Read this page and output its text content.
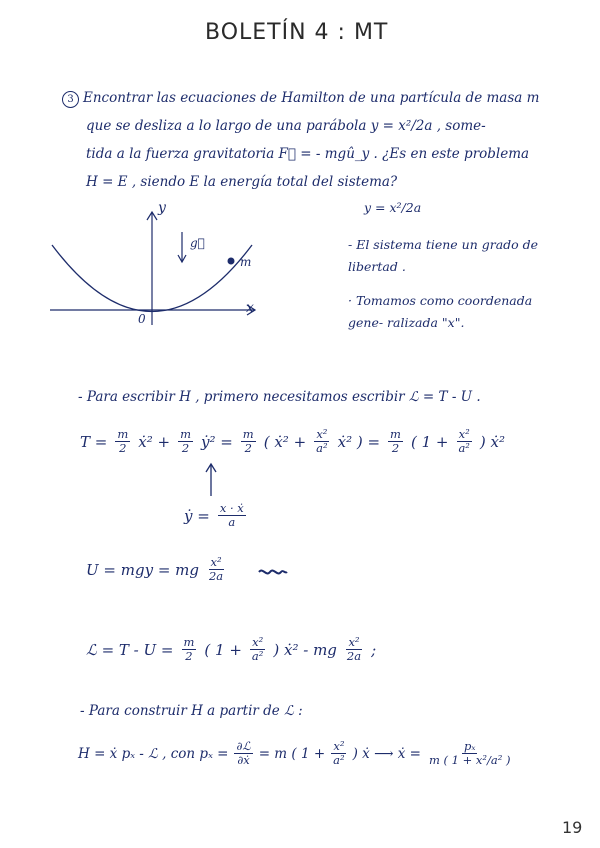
BOLETÍN 4 : MT
3 Encontrar las ecuaciones de Hamilton de una partícula de masa m
que se desliza a lo largo de una parábola y = x²/2a , some-
tida a la fuerza gravitatoria F⃗ = - mgû_y . ¿Es en este problema
H = E , siendo E la energía total del sistema?
y
x
0
g⃗
m
y = x²/2a
- El sistema tiene un grado de libertad .
· Tomamos como coordenada gene- ralizada "x".
- Para escribir H , primero necesitamos escribir ℒ = T - U .
$T = \frac{m}{2}$ ẋ² + $\frac{m}{2}$ ẏ² = $\frac{m}{2}$ ( ẋ² + $\frac{\text{x²}}{\text{a²}}$ ẋ² ) = $\frac{m}{2}$ ( $1 + \frac{\text{x²}}{\text{a²}}$ ) ẋ²
ẏ = $\frac{\text{x · ẋ}}{a}$
U = mgy = mg $\frac{\text{x²}}{2a}$
ℒ = $T - U = \frac{m}{2}$ ( $1 + \frac{\text{x²}}{\text{a²}}$ ) ẋ² - mg $\frac{\text{x²}}{2a}$ ;
- Para construir H a partir de ℒ :
H = ẋ pₓ - ℒ , con $p_x = \frac{\text{∂ℒ}}{\text{∂ẋ}} = m$ ( $1 + \frac{\text{x²}}{\text{a²}}$ ) ẋ ⟶ ẋ = $\frac{\text{pₓ}}{\text{m ( 1 + x²/a² )}}$
19
